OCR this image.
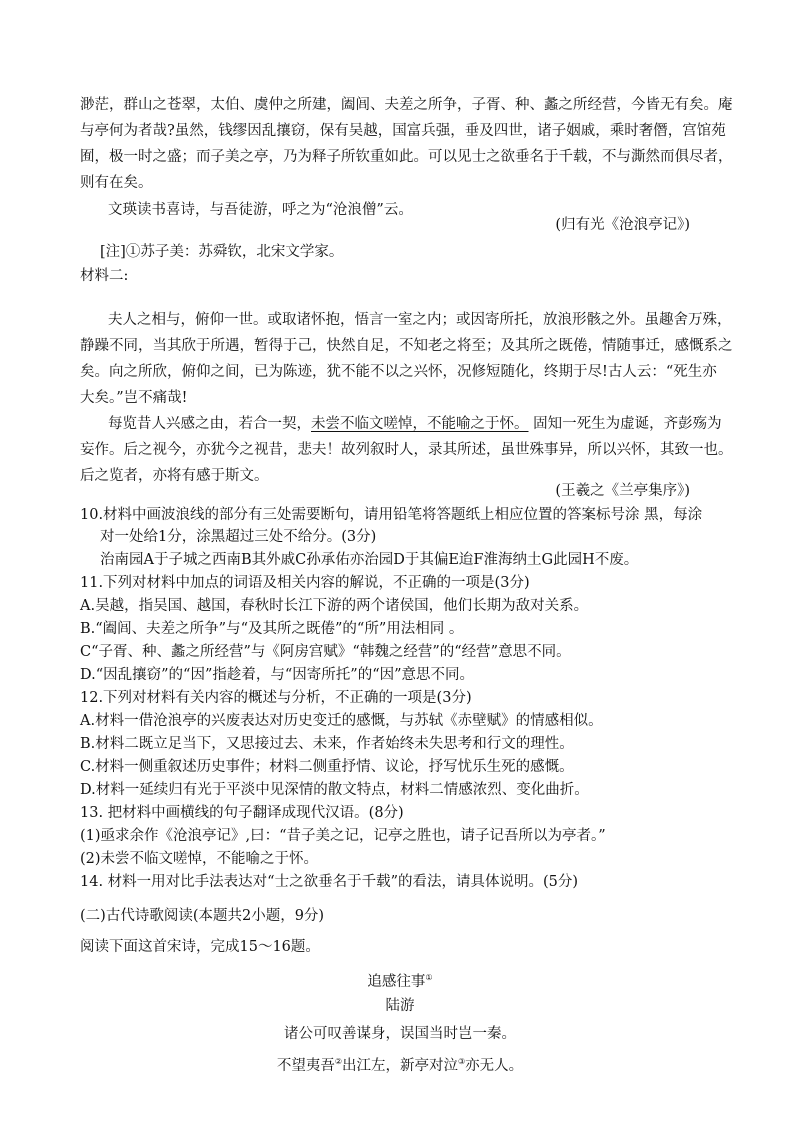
渺茫，群山之苍翠，太伯、虞仲之所建，阖闾、夫差之所争，子胥、种、蠡之所经营，今皆无有矣。庵
与亭何为者哉?虽然，钱缪因乱攘窃，保有吴越，国富兵强，垂及四世，诸子姻戚，乘时奢僭，宫馆苑
囿，极一时之盛；而子美之亭，乃为释子所钦重如此。可以见士之欲垂名于千载，不与澌然而俱尽者，
则有在矣。
文瑛读书喜诗，与吾徒游，呼之为“沧浪僧”云。
(归有光《沧浪亭记》)
[注]①苏子美：苏舜钦，北宋文学家。
材料二:
夫人之相与，俯仰一世。或取诸怀抱，悟言一室之内；或因寄所托，放浪形骸之外。虽趣舍万殊，
静躁不同，当其欣于所遇，暂得于己，快然自足，不知老之将至；及其所之既倦，情随事迁，感慨系之
矣。向之所欣，俯仰之间，已为陈迹，犹不能不以之兴怀，况修短随化，终期于尽!古人云：“死生亦
大矣。”岂不痛哉!
每览昔人兴感之由，若合一契，未尝不临文嗟悼，不能喻之于怀。 固知一死生为虚诞，齐彭殇为
妄作。后之视今，亦犹今之视昔，悲夫！故列叙时人，录其所述，虽世殊事异，所以兴怀，其致一也。
后之览者，亦将有感于斯文。
(王羲之《兰亭集序》)
10.材料中画波浪线的部分有三处需要断句，请用铅笔将答题纸上相应位置的答案标号涂 黑，每涂
对一处给1分，涂黑超过三处不给分。(3分)
治南园A于子城之西南B其外戚C孙承佑亦治园D于其偏E迨F淮海纳土G此园H不废。
11.下列对材料中加点的词语及相关内容的解说，不正确的一项是(3分)
A.吴越，指吴国、越国，春秋时长江下游的两个诸侯国，他们长期为敌对关系。
B.“阖闾、夫差之所争”与“及其所之既倦”的“所”用法相同 。
C“子胥、种、蠡之所经营”与《阿房宫赋》“韩魏之经营”的“经营”意思不同。
D.“因乱攘窃”的“因”指趁着，与“因寄所托”的“因”意思不同。
12.下列对材料有关内容的概述与分析，不正确的一项是(3分)
A.材料一借沧浪亭的兴废表达对历史变迁的感慨，与苏轼《赤壁赋》的情感相似。
B.材料二既立足当下，又思接过去、未来，作者始终未失思考和行文的理性。
C.材料一侧重叙述历史事件；材料二侧重抒情、议论，抒写忧乐生死的感慨。
D.材料一延续归有光于平淡中见深情的散文特点，材料二情感浓烈、变化曲折。
13. 把材料中画横线的句子翻译成现代汉语。(8分)
(1)亟求余作《沧浪亭记》,曰：“昔子美之记，记亭之胜也，请子记吾所以为亭者。”
(2)未尝不临文嗟悼，不能喻之于怀。
14. 材料一用对比手法表达对“士之欲垂名于千载”的看法，请具体说明。(5分)
(二)古代诗歌阅读(本题共2小题，9分)
阅读下面这首宋诗，完成15～16题。
追感往事①
陆游
诸公可叹善谋身，误国当时岂一秦。
不望夷吾②出江左，新亭对泣③亦无人。
